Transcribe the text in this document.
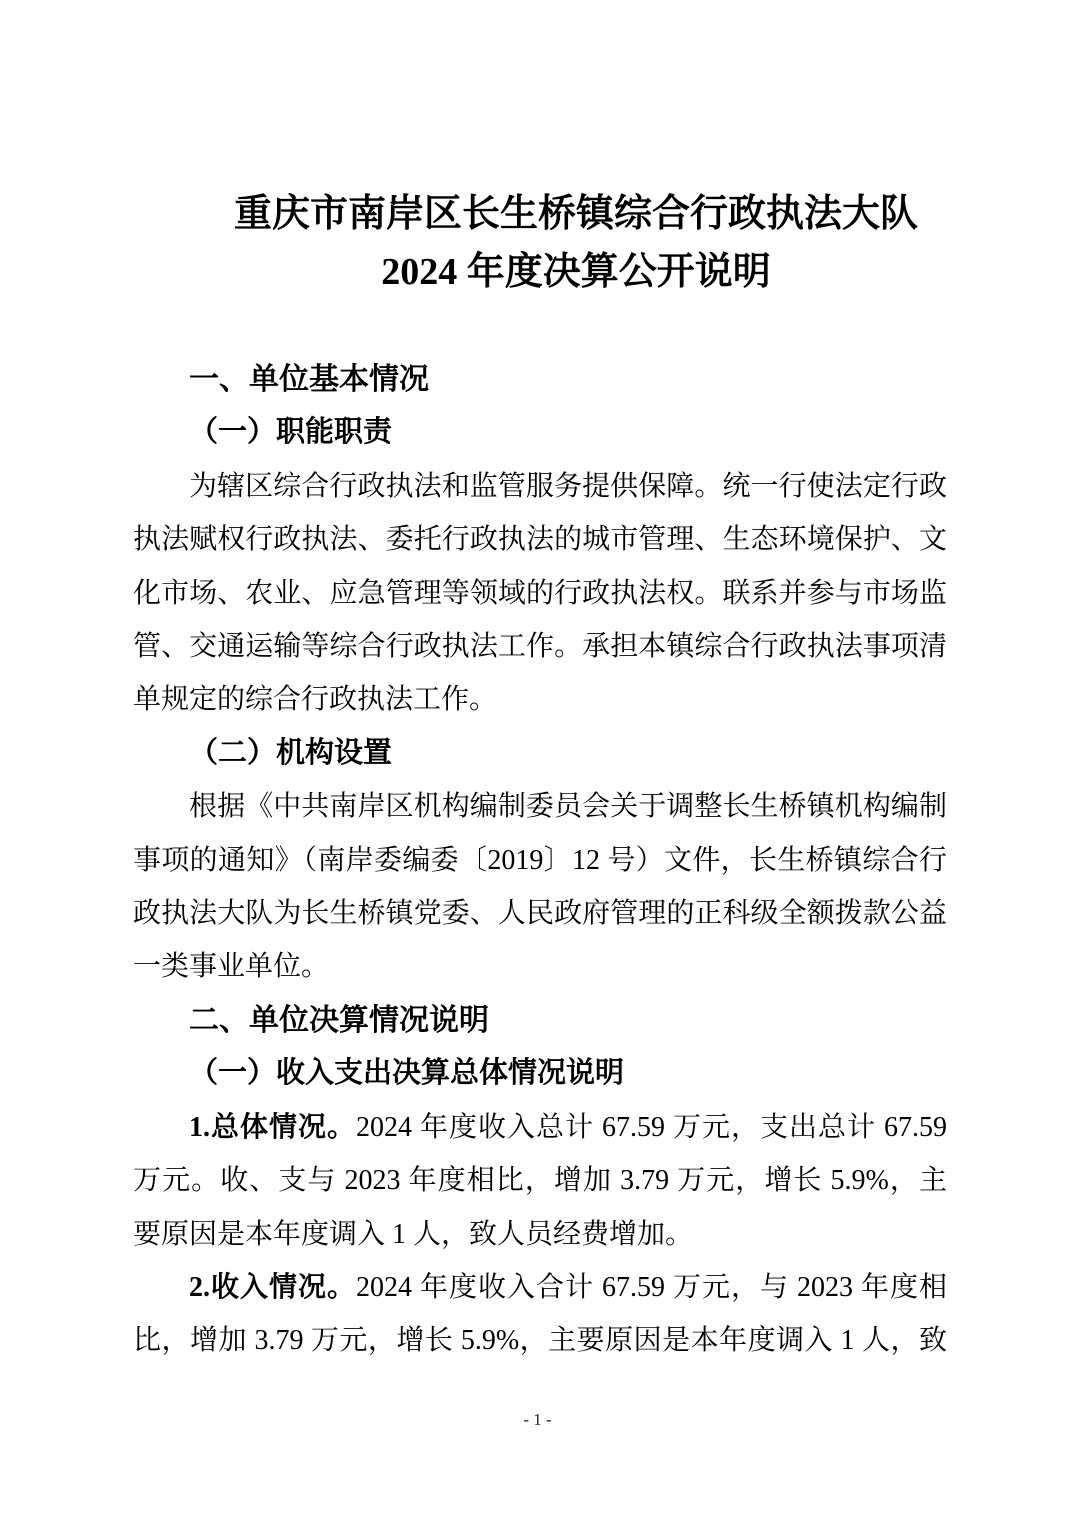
重庆市南岸区长生桥镇综合行政执法大队
2024 年度决算公开说明
一、单位基本情况
（一）职能职责

为辖区综合行政执法和监管服务提供保障。统一行使法定行政执法赋权行政执法、委托行政执法的城市管理、生态环境保护、文化市场、农业、应急管理等领域的行政执法权。联系并参与市场监管、交通运输等综合行政执法工作。承担本镇综合行政执法事项清单规定的综合行政执法工作。

（二）机构设置

根据《中共南岸区机构编制委员会关于调整长生桥镇机构编制事项的通知》（南岸委编委〔2019〕12 号）文件，长生桥镇综合行政执法大队为长生桥镇党委、人民政府管理的正科级全额拨款公益一类事业单位。

二、单位决算情况说明
（一）收入支出决算总体情况说明

1.总体情况。2024 年度收入总计 67.59 万元，支出总计 67.59 万元。收、支与 2023 年度相比，增加 3.79 万元，增长 5.9%，主要原因是本年度调入 1 人，致人员经费增加。

2.收入情况。2024 年度收入合计 67.59 万元，与 2023 年度相比，增加 3.79 万元，增长 5.9%，主要原因是本年度调入 1 人，致

- 1 -
